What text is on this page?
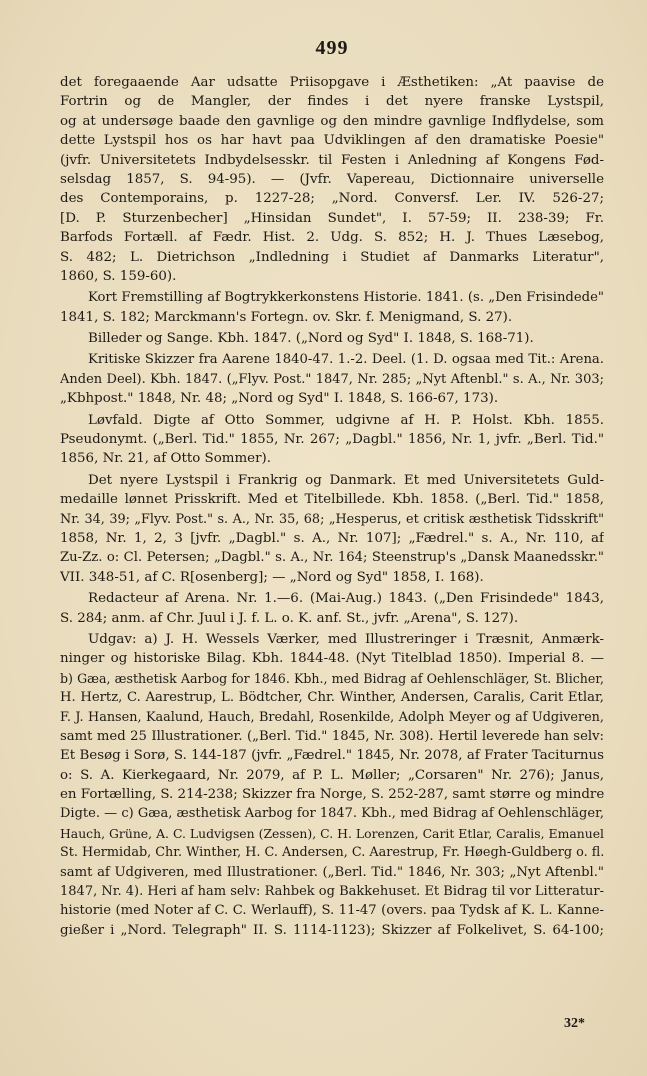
499
det foregaaende Aar udsatte Priisopgave i Æsthetiken: „At paavise de
Fortrin og de Mangler, der findes i det nyere franske Lystspil,
og at undersøge baade den gavnlige og den mindre gavnlige Indflydelse, som
dette Lystspil hos os har havt paa Udviklingen af den dramatiske Poesie"
(jvfr. Universitetets Indbydelsesskr. til Festen i Anledning af Kongens Fød-
selsdag 1857, S. 94-95). — (Jvfr. Vapereau, Dictionnaire universelle
des Contemporains, p. 1227-28; „Nord. Conversf. Ler. IV. 526-27;
[D. P. Sturzenbecher] „Hinsidan Sundet", I. 57-59; II. 238-39; Fr.
Barfods Fortæll. af Fædr. Hist. 2. Udg. S. 852; H. J. Thues Læsebog,
S. 482; L. Dietrichson „Indledning i Studiet af Danmarks Literatur",
1860, S. 159-60).
Kort Fremstilling af Bogtrykkerkonstens Historie. 1841. (s. „Den Frisindede"
1841, S. 182; Marckmann's Fortegn. ov. Skr. f. Menigmand, S. 27).
Billeder og Sange. Kbh. 1847. („Nord og Syd" I. 1848, S. 168-71).
Kritiske Skizzer fra Aarene 1840-47. 1.-2. Deel. (1. D. ogsaa med Tit.: Arena.
Anden Deel). Kbh. 1847. („Flyv. Post." 1847, Nr. 285; „Nyt Aftenbl." s. A., Nr. 303;
„Kbhpost." 1848, Nr. 48; „Nord og Syd" I. 1848, S. 166-67, 173).
Løvfald. Digte af Otto Sommer, udgivne af H. P. Holst. Kbh. 1855.
Pseudonymt. („Berl. Tid." 1855, Nr. 267; „Dagbl." 1856, Nr. 1, jvfr. „Berl. Tid."
1856, Nr. 21, af Otto Sommer).
Det nyere Lystspil i Frankrig og Danmark. Et med Universitetets Guld-
medaille lønnet Prisskrift. Med et Titelbillede. Kbh. 1858. („Berl. Tid." 1858,
Nr. 34, 39; „Flyv. Post." s. A., Nr. 35, 68; „Hesperus, et critisk æsthetisk Tidsskrift"
1858, Nr. 1, 2, 3 [jvfr. „Dagbl." s. A., Nr. 107]; „Fædrel." s. A., Nr. 110, af
Zu-Zz. o: Cl. Petersen; „Dagbl." s. A., Nr. 164; Steenstrup's „Dansk Maanedsskr."
VII. 348-51, af C. R[osenberg]; — „Nord og Syd" 1858, I. 168).
Redacteur af Arena. Nr. 1.—6. (Mai-Aug.) 1843. („Den Frisindede" 1843,
S. 284; anm. af Chr. Juul i J. f. L. o. K. anf. St., jvfr. „Arena", S. 127).
Udgav: a) J. H. Wessels Værker, med Illustreringer i Træsnit, Anmærk-
ninger og historiske Bilag. Kbh. 1844-48. (Nyt Titelblad 1850). Imperial 8. —
b) Gæa, æsthetisk Aarbog for 1846. Kbh., med Bidrag af Oehlenschläger, St. Blicher,
H. Hertz, C. Aarestrup, L. Bödtcher, Chr. Winther, Andersen, Caralis, Carit Etlar,
F. J. Hansen, Kaalund, Hauch, Bredahl, Rosenkilde, Adolph Meyer og af Udgiveren,
samt med 25 Illustrationer. („Berl. Tid." 1845, Nr. 308). Hertil leverede han selv:
Et Besøg i Sorø, S. 144-187 (jvfr. „Fædrel." 1845, Nr. 2078, af Frater Taciturnus
o: S. A. Kierkegaard, Nr. 2079, af P. L. Møller; „Corsaren" Nr. 276); Janus,
en Fortælling, S. 214-238; Skizzer fra Norge, S. 252-287, samt større og mindre
Digte. — c) Gæa, æsthetisk Aarbog for 1847. Kbh., med Bidrag af Oehlenschläger,
Hauch, Grüne, A. C. Ludvigsen (Zessen), C. H. Lorenzen, Carit Etlar, Caralis, Emanuel
St. Hermidab, Chr. Winther, H. C. Andersen, C. Aarestrup, Fr. Høegh-Guldberg o. fl.
samt af Udgiveren, med Illustrationer. („Berl. Tid." 1846, Nr. 303; „Nyt Aftenbl."
1847, Nr. 4). Heri af ham selv: Rahbek og Bakkehuset. Et Bidrag til vor Litteratur-
historie (med Noter af C. C. Werlauff), S. 11-47 (overs. paa Tydsk af K. L. Kanne-
gießer i „Nord. Telegraph" II. S. 1114-1123); Skizzer af Folkelivet, S. 64-100;
32*
